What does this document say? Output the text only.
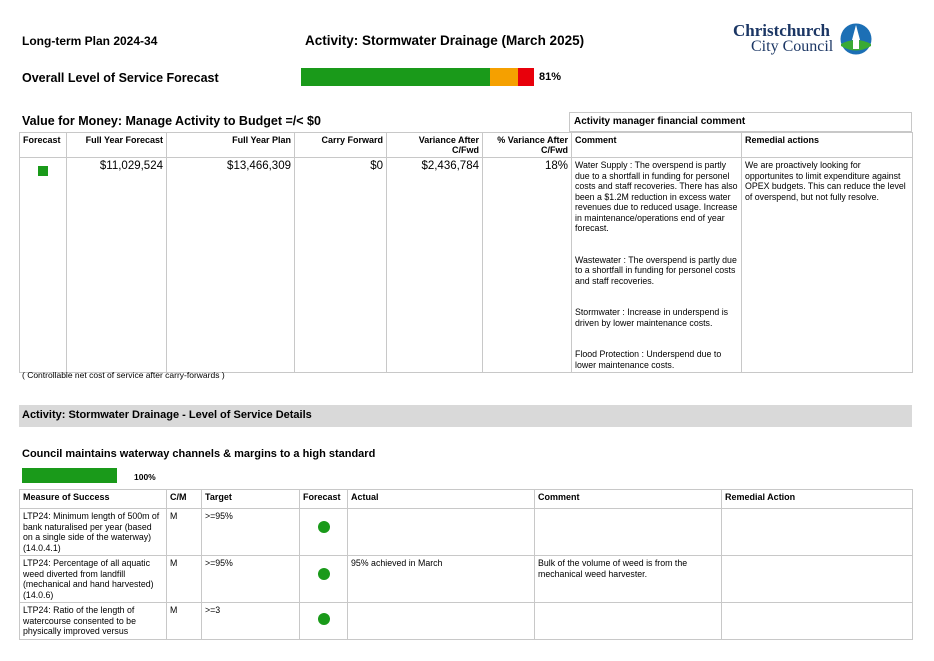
Long-term Plan 2024-34	Activity: Stormwater Drainage (March 2025)
Christchurch
City Council
Overall Level of Service Forecast	81%
Value for Money: Manage Activity to Budget =/< $0	Activity manager financial comment
Forecast	Full Year Forecast	Full Year Plan	Carry Forward	Variance After C/Fwd	% Variance After C/Fwd	Comment	Remedial actions

	$11,029,524	$13,466,309	$0	$2,436,784	18%	Water Supply : The overspend is partly due to a shortfall in funding for personel costs and staff recoveries. There has also been a $1.2M reduction in excess water revenues due to reduced usage. Increase in maintenance/operations end of year forecast.
Wastewater : The overspend is partly due to a shortfall in funding for personel costs and staff recoveries.
Stormwater : Increase in underspend is driven by lower maintenance costs.
Flood Protection : Underspend due to lower maintenance costs.	We are proactively looking for opportunites to limit expenditure against OPEX budgets. This can reduce the level of overspend, but not fully resolve.
( Controllable net cost of service after carry-forwards )
Activity: Stormwater Drainage - Level of Service Details
Council maintains waterway channels & margins to a high standard
100%
Measure of Success	C/M	Target	Forecast	Actual	Comment	Remedial Action
LTP24: Minimum length of 500m of bank naturalised per year (based on a single side of the waterway) (14.0.4.1)	M	>=95%	

LTP24: Percentage of all aquatic weed diverted from landfill (mechanical and hand harvested) (14.0.6)	M	>=95%		95% achieved in March	Bulk of the volume of weed is from the mechanical weed harvester.	
LTP24: Ratio of the length of watercourse consented to be physically improved versus	M	>=3	
